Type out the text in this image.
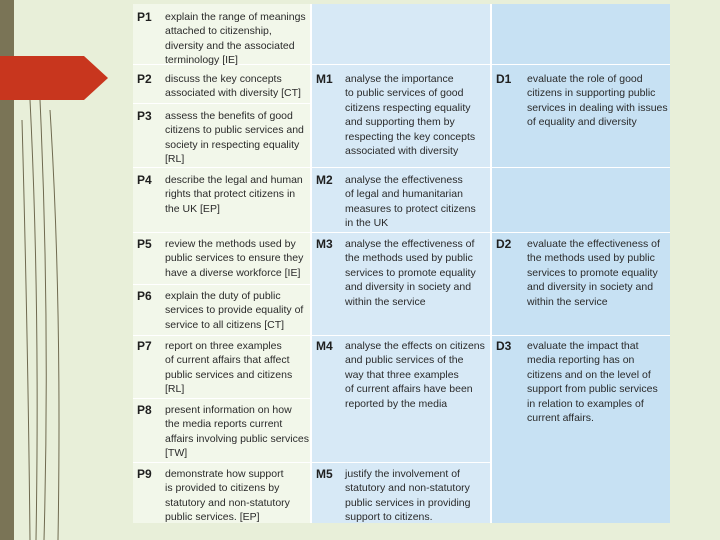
P1 explain the range of meanings
attached to citizenship,
diversity and the associated
terminology [IE]
P2 discuss the key concepts
associated with diversity [CT]
P3 assess the benefits of good
citizens to public services and
society in respecting equality
[RL]
P4 describe the legal and human
rights that protect citizens in
the UK [EP]
P5 review the methods used by
public services to ensure they
have a diverse workforce [IE]
P6 explain the duty of public
services to provide equality of
service to all citizens [CT]
P7 report on three examples
of current affairs that affect
public services and citizens
[RL]
P8 present information on how
the media reports current
affairs involving public services
[TW]
P9 demonstrate how support
is provided to citizens by
statutory and non-statutory
public services. [EP]
M1 analyse the importance
to public services of good
citizens respecting equality
and supporting them by
respecting the key concepts
associated with diversity
M2 analyse the effectiveness
of legal and humanitarian
measures to protect citizens
in the UK
M3 analyse the effectiveness of
the methods used by public
services to promote equality
and diversity in society and
within the service
M4 analyse the effects on citizens
and public services of the
way that three examples
of current affairs have been
reported by the media
M5 justify the involvement of
statutory and non-statutory
public services in providing
support to citizens.
D1 evaluate the role of good
citizens in supporting public
services in dealing with issues
of equality and diversity
D2 evaluate the effectiveness of
the methods used by public
services to promote equality
and diversity in society and
within the service
D3 evaluate the impact that
media reporting has on
citizens and on the level of
support from public services
in relation to examples of
current affairs.
